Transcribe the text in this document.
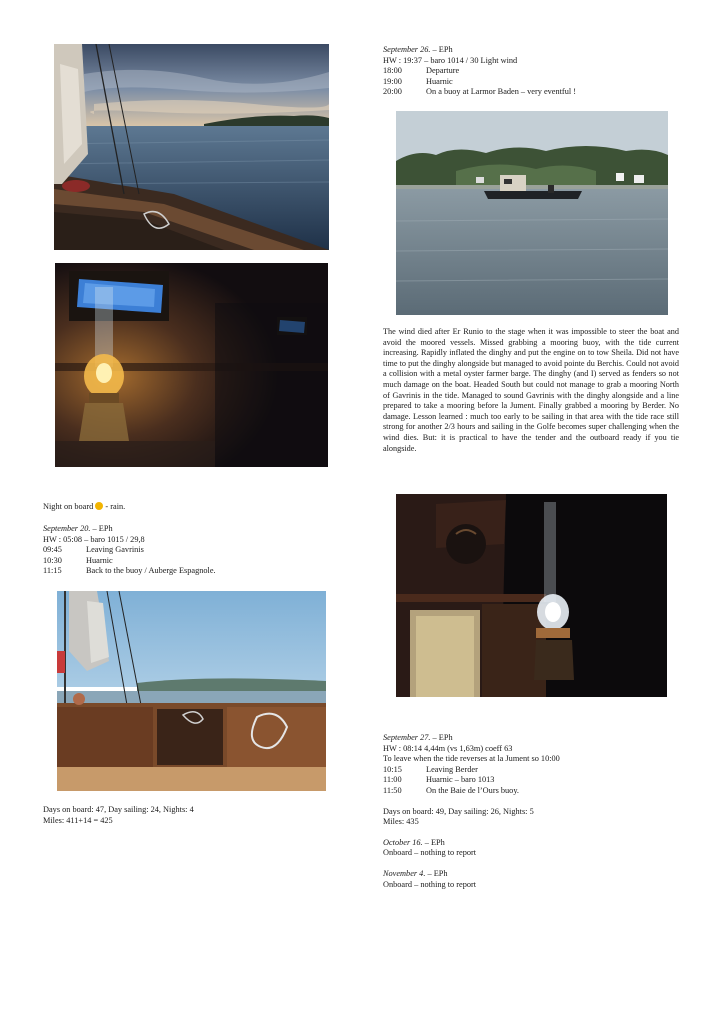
Night on board - rain.
September 20. – EPh
HW : 05:08 – baro 1015 / 29,8
09:45	Leaving Gavrinis
10:30	Huarnic
11:15	Back to the buoy / Auberge Espagnole.
Days on board: 47, Day sailing: 24, Nights: 4
Miles: 411+14 = 425
September 26. – EPh
HW : 19:37 – baro 1014 / 30 Light wind
18:00	Departure
19:00	Huarnic
20:00	On a buoy at Larmor Baden – very eventful !
The wind died after Er Runio to the stage when it was impossible to steer the boat and avoid the moored vessels. Missed grabbing a mooring buoy, with the tide current increasing. Rapidly inflated the dinghy and put the engine on to tow Sheila. Did not have time to put the dinghy alongside but managed to avoid pointe du Berchis. Could not avoid a collision with a metal oyster farmer barge. The dinghy (and I) served as fenders so not much damage on the boat. Headed South but could not manage to grab a mooring North of Gavrinis in the tide. Managed to sound Gavrinis with the dinghy alongside and a line prepared to take a mooring before la Jument. Finally grabbed a mooring by Berder. No damage. Lesson learned : much too early to be sailing in that area with the tide race still strong for another 2/3 hours and sailing in the Golfe becomes super challenging when the wind dies. But: it is practical to have the tender and the outboard ready if you tie alongside.
September 27. – EPh
HW : 08:14 4,44m (vs 1,63m) coeff 63
To leave when the tide reverses at la Jument so 10:00
10:15	Leaving Berder
11:00	Huarnic – baro 1013
11:50	On the Baie de l’Ours buoy.
Days on board: 49, Day sailing: 26, Nights: 5
Miles: 435
October 16. – EPh
Onboard – nothing to report
November 4. – EPh
Onboard – nothing to report
